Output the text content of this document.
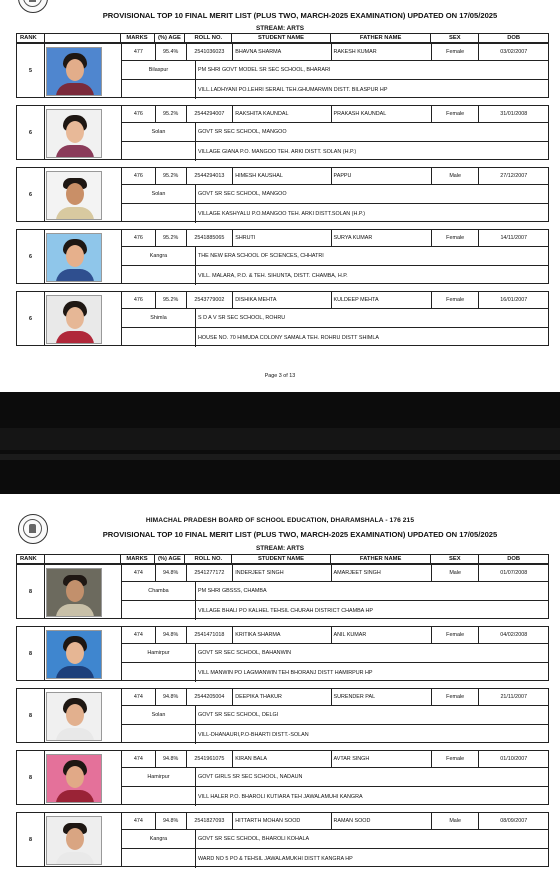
PROVISIONAL TOP 10 FINAL MERIT LIST (PLUS TWO, MARCH-2025 EXAMINATION) UPDATED ON 17/05/2025
STREAM: ARTS
RANK	MARKS	(%) AGE	ROLL NO.	STUDENT NAME	FATHER NAME	SEX	DOB
5
477	95.4%	2541036023	BHAVNA SHARMA	RAKESH KUMAR	Female	03/02/2007
Bilaspur	PM SHRI GOVT MODEL SR SEC SCHOOL, BHARARI
VILL.LADHYANI PO.LEHRI SERAIL TEH.GHUMARWIN DISTT. BILASPUR HP
6
476	95.2%	2544294007	RAKSHITA KAUNDAL	PRAKASH KAUNDAL	Female	31/01/2008
Solan	GOVT SR SEC SCHOOL, MANGOO
VILLAGE GIANA P.O. MANGOO TEH. ARKI DISTT. SOLAN (H.P.)
6
476	95.2%	2544294013	HIMESH KAUSHAL	PAPPU	Male	27/12/2007
Solan	GOVT SR SEC SCHOOL, MANGOO
VILLAGE KASHYALU P.O.MANGOO TEH. ARKI DISTT.SOLAN (H.P.)
6
476	95.2%	2541885065	SHRUTI	SURYA KUMAR	Female	14/11/2007
Kangra	THE NEW ERA SCHOOL OF SCIENCES, CHHATRI
VILL. MALARA, P.O. & TEH. SIHUNTA, DISTT. CHAMBA, H.P.
6
476	95.2%	2543779002	DISHIKA MEHTA	KULDEEP MEHTA	Female	16/01/2007
Shimla	S D A V SR SEC SCHOOL, ROHRU
HOUSE NO. 70 HIMUDA COLONY SAMALA TEH. ROHRU DISTT SHIMLA
Page 3 of 13
HIMACHAL PRADESH BOARD OF SCHOOL EDUCATION, DHARAMSHALA - 176 215
PROVISIONAL TOP 10 FINAL MERIT LIST (PLUS TWO, MARCH-2025 EXAMINATION) UPDATED ON 17/05/2025
STREAM: ARTS
RANK	MARKS	(%) AGE	ROLL NO.	STUDENT NAME	FATHER NAME	SEX	DOB
8
474	94.8%	2541277172	INDERJEET SINGH	AMARJEET SINGH	Male	01/07/2008
Chamba	PM SHRI GBSSS, CHAMBA
VILLAGE BHALI PO KALHEL TEHSIL CHURAH DISTRICT CHAMBA HP
8
474	94.8%	2541471018	KRITIKA SHARMA	ANIL KUMAR	Female	04/02/2008
Hamirpur	GOVT SR SEC SCHOOL, BAHANWIN
VILL MANWIN PO LAGMANWIN TEH BHORANJ DISTT HAMIRPUR HP
8
474	94.8%	2544205004	DEEPIKA THAKUR	SURENDER PAL	Female	21/11/2007
Solan	GOVT SR SEC SCHOOL, DELGI
VILL-DHANAURI,P.O-BHARTI DISTT.-SOLAN
8
474	94.8%	2541961075	KIRAN BALA	AVTAR SINGH	Female	01/10/2007
Hamirpur	GOVT GIRLS SR SEC SCHOOL, NADAUN
VILL HALER P.O. BHAROLI KUTIARA TEH JAWALAMUHI KANGRA
8
474	94.8%	2541827093	HITTARTH MOHAN SOOD	RAMAN SOOD	Male	08/09/2007
Kangra	GOVT SR SEC SCHOOL, BHAROLI KOHALA
WARD NO 5 PO & TEHSIL JAWALAMUKHI DISTT KANGRA HP
